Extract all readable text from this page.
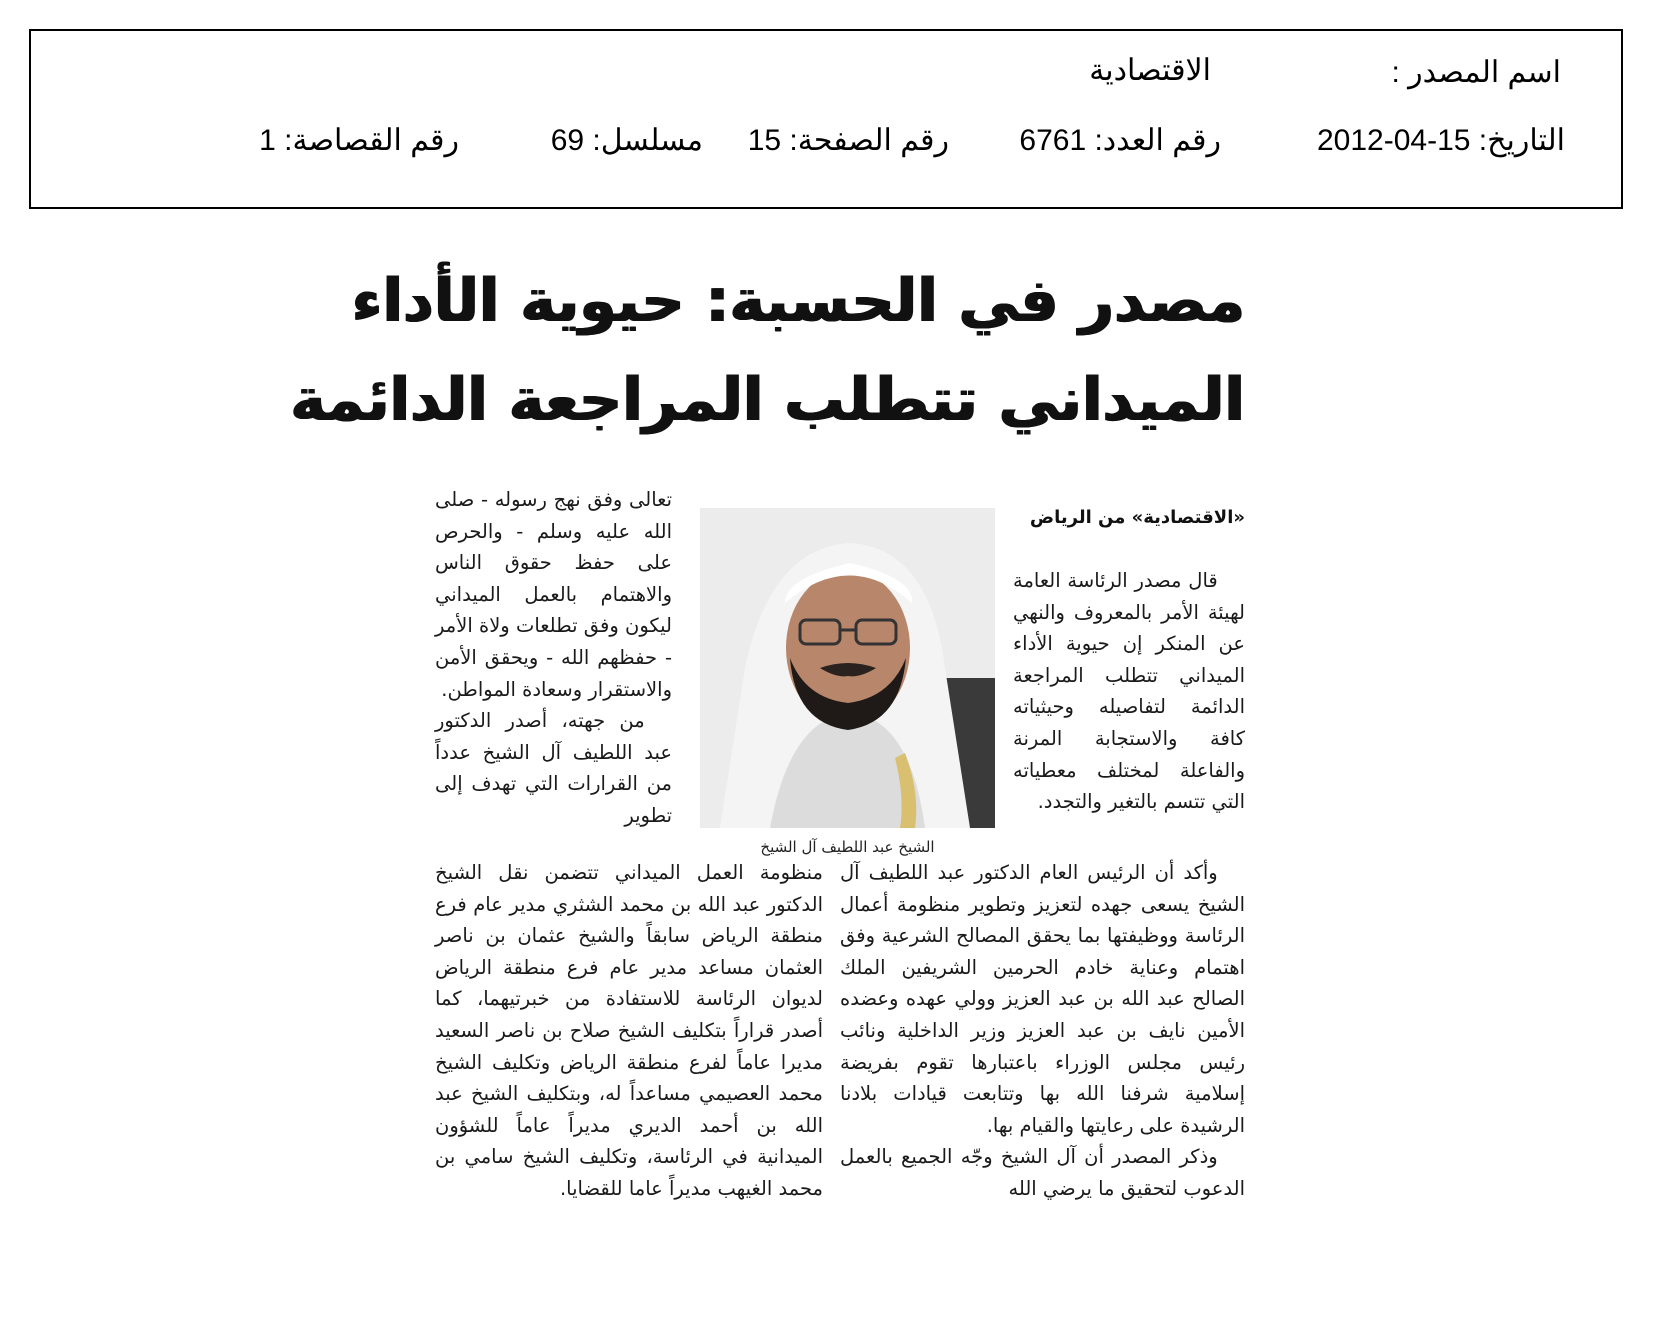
اسم المصدر :
الاقتصادية
التاريخ: 15-04-2012
رقم العدد: 6761
رقم الصفحة: 15
مسلسل: 69
رقم القصاصة: 1
مصدر في الحسبة: حيوية الأداء
الميداني تتطلب المراجعة الدائمة
«الاقتصادية» من الرياض

قال مصدر الرئاسة العامة لهيئة الأمر بالمعروف والنهي عن المنكر إن حيوية الأداء الميداني تتطلب المراجعة الدائمة لتفاصيله وحيثياته كافة والاستجابة المرنة والفاعلة لمختلف معطياته التي تتسم بالتغير والتجدد.

الشيخ عبد اللطيف آل الشيخ

تعالى وفق نهج رسوله - صلى الله عليه وسلم - والحرص على حفظ حقوق الناس والاهتمام بالعمل الميداني ليكون وفق تطلعات ولاة الأمر - حفظهم الله - ويحقق الأمن والاستقرار وسعادة المواطن.

من جهته، أصدر الدكتور عبد اللطيف آل الشيخ عدداً من القرارات التي تهدف إلى تطوير

وأكد أن الرئيس العام الدكتور عبد اللطيف آل الشيخ يسعى جهده لتعزيز وتطوير منظومة أعمال الرئاسة ووظيفتها بما يحقق المصالح الشرعية وفق اهتمام وعناية خادم الحرمين الشريفين الملك الصالح عبد الله بن عبد العزيز وولي عهده وعضده الأمين نايف بن عبد العزيز وزير الداخلية ونائب رئيس مجلس الوزراء باعتبارها تقوم بفريضة إسلامية شرفنا الله بها وتتابعت قيادات بلادنا الرشيدة على رعايتها والقيام بها.

وذكر المصدر أن آل الشيخ وجّه الجميع بالعمل الدعوب لتحقيق ما يرضي الله

منظومة العمل الميداني تتضمن نقل الشيخ الدكتور عبد الله بن محمد الشثري مدير عام فرع منطقة الرياض سابقاً والشيخ عثمان بن ناصر العثمان مساعد مدير عام فرع منطقة الرياض لديوان الرئاسة للاستفادة من خبرتيهما، كما أصدر قراراً بتكليف الشيخ صلاح بن ناصر السعيد مديرا عاماً لفرع منطقة الرياض وتكليف الشيخ محمد العصيمي مساعداً له، وبتكليف الشيخ عبد الله بن أحمد الديري مديراً عاماً للشؤون الميدانية في الرئاسة، وتكليف الشيخ سامي بن محمد الغيهب مديراً عاما للقضايا.
